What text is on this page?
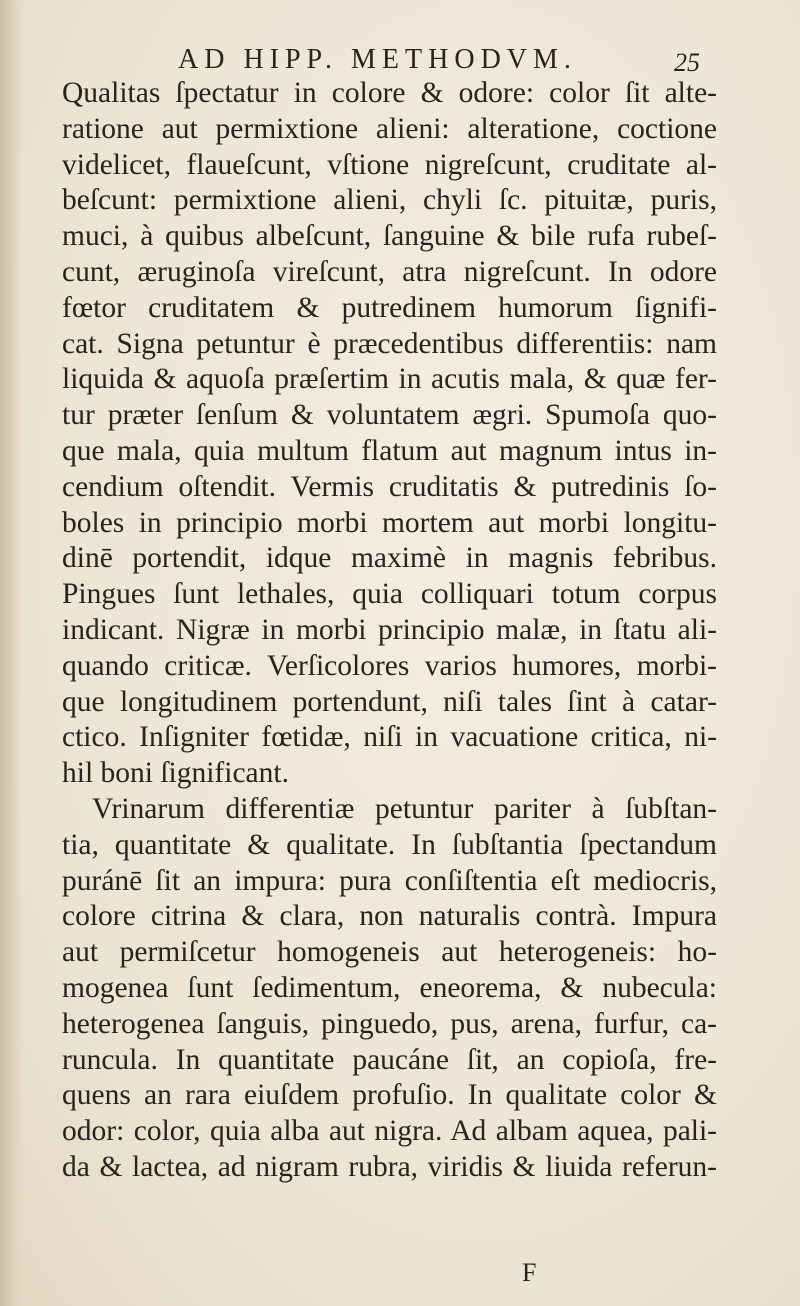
AD HIPP. METHODVM.	25
Qualitas ſpectatur in colore & odore: color ſit alte-
ratione aut permixtione alieni: alteratione, coctione
videlicet, flaueſcunt, vſtione nigreſcunt, cruditate al-
beſcunt: permixtione alieni, chyli ſc. pituitæ, puris,
muci, à quibus albeſcunt, ſanguine & bile rufa rubeſ-
cunt, æruginoſa vireſcunt, atra nigreſcunt. In odore
fœtor cruditatem & putredinem humorum ſignifi-
cat. Signa petuntur è præcedentibus differentiis: nam
liquida & aquoſa præſertim in acutis mala, & quæ fer-
tur præter ſenſum & voluntatem ægri. Spumoſa quo-
que mala, quia multum flatum aut magnum intus in-
cendium oſtendit. Vermis cruditatis & putredinis ſo-
boles in principio morbi mortem aut morbi longitu-
dinē portendit, idque maximè in magnis febribus.
Pingues ſunt lethales, quia colliquari totum corpus
indicant. Nigræ in morbi principio malæ, in ſtatu ali-
quando criticæ. Verſicolores varios humores, morbi-
que longitudinem portendunt, niſi tales ſint à catar-
ctico. Inſigniter fœtidæ, niſi in vacuatione critica, ni-
hil boni ſignificant.
Vrinarum differentiæ petuntur pariter à ſubſtan-
tia, quantitate & qualitate. In ſubſtantia ſpectandum
puránē ſit an impura: pura conſiſtentia eſt mediocris,
colore citrina & clara, non naturalis contrà. Impura
aut permiſcetur homogeneis aut heterogeneis: ho-
mogenea ſunt ſedimentum, eneorema, & nubecula:
heterogenea ſanguis, pinguedo, pus, arena, furfur, ca-
runcula. In quantitate paucáne ſit, an copioſa, fre-
quens an rara eiuſdem profuſio. In qualitate color &
odor: color, quia alba aut nigra. Ad albam aquea, pali-
da & lactea, ad nigram rubra, viridis & liuida referun-
F
